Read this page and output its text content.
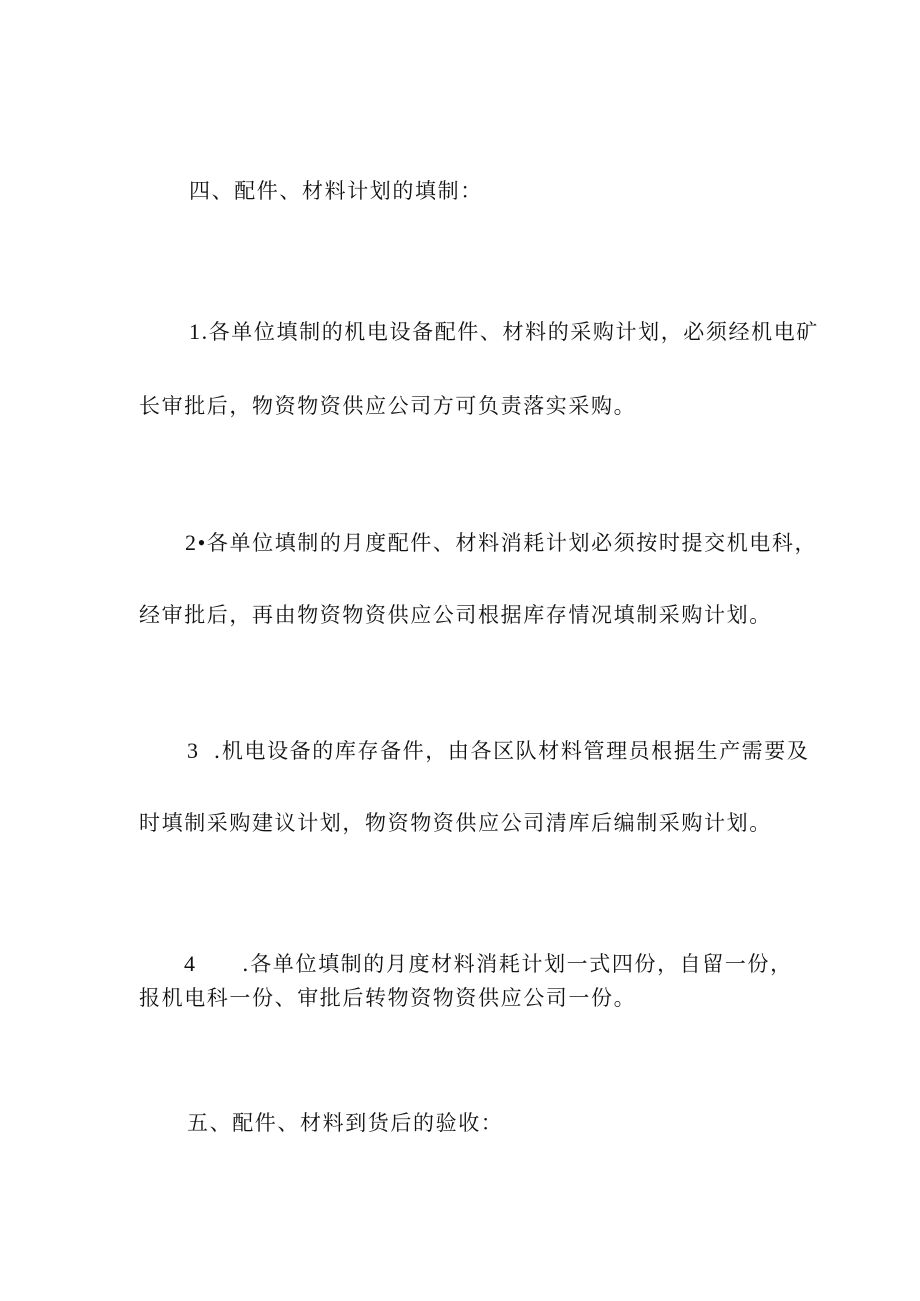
四、配件、材料计划的填制：
1.各单位填制的机电设备配件、材料的采购计划，必须经机电矿
长审批后，物资物资供应公司方可负责落实采购。
2•各单位填制的月度配件、材料消耗计划必须按时提交机电科，
经审批后，再由物资物资供应公司根据库存情况填制采购计划。
3 .机电设备的库存备件，由各区队材料管理员根据生产需要及
时填制采购建议计划，物资物资供应公司清库后编制采购计划。
4 .各单位填制的月度材料消耗计划一式四份，自留一份，
报机电科一份、审批后转物资物资供应公司一份。
五、配件、材料到货后的验收：
